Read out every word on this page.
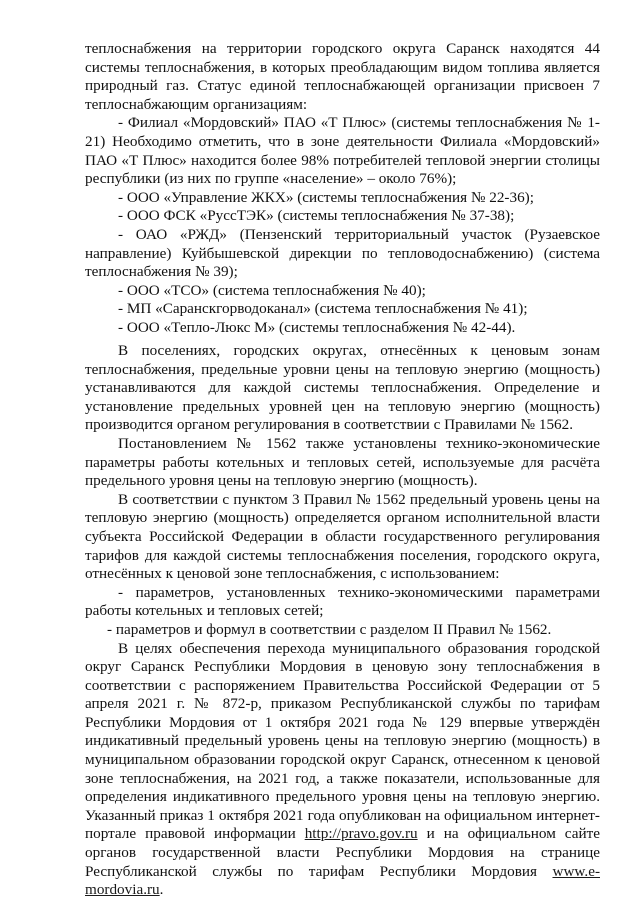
теплоснабжения на территории городского округа Саранск находятся 44 системы теплоснабжения, в которых преобладающим видом топлива является природный газ. Статус единой теплоснабжающей организации присвоен 7 теплоснабжающим организациям:

- Филиал «Мордовский» ПАО «Т Плюс» (системы теплоснабжения № 1-21) Необходимо отметить, что в зоне деятельности Филиала «Мордовский» ПАО «Т Плюс» находится более 98% потребителей тепловой энергии столицы республики (из них по группе «население» – около 76%);

- ООО «Управление ЖКХ» (системы теплоснабжения № 22-36);

- ООО ФСК «РуссТЭК» (системы теплоснабжения № 37-38);

- ОАО «РЖД» (Пензенский территориальный участок (Рузаевское направление) Куйбышевской дирекции по тепловодоснабжению) (система теплоснабжения № 39);

- ООО «ТСО» (система теплоснабжения № 40);

- МП «Саранскгорводоканал» (система теплоснабжения № 41);

- ООО «Тепло-Люкс М» (системы теплоснабжения № 42-44).

В поселениях, городских округах, отнесённых к ценовым зонам теплоснабжения, предельные уровни цены на тепловую энергию (мощность) устанавливаются для каждой системы теплоснабжения. Определение и установление предельных уровней цен на тепловую энергию (мощность) производится органом регулирования в соответствии с Правилами № 1562.

Постановлением № 1562 также установлены технико-экономические параметры работы котельных и тепловых сетей, используемые для расчёта предельного уровня цены на тепловую энергию (мощность).

В соответствии с пунктом 3 Правил № 1562 предельный уровень цены на тепловую энергию (мощность) определяется органом исполнительной власти субъекта Российской Федерации в области государственного регулирования тарифов для каждой системы теплоснабжения поселения, городского округа, отнесённых к ценовой зоне теплоснабжения, с использованием:

- параметров, установленных технико-экономическими параметрами работы котельных и тепловых сетей;

- параметров и формул в соответствии с разделом II Правил № 1562.

В целях обеспечения перехода муниципального образования городской округ Саранск Республики Мордовия в ценовую зону теплоснабжения в соответствии с распоряжением Правительства Российской Федерации от 5 апреля 2021 г. № 872-р, приказом Республиканской службы по тарифам Республики Мордовия от 1 октября 2021 года № 129 впервые утверждён индикативный предельный уровень цены на тепловую энергию (мощность) в муниципальном образовании городской округ Саранск, отнесенном к ценовой зоне теплоснабжения, на 2021 год, а также показатели, использованные для определения индикативного предельного уровня цены на тепловую энергию. Указанный приказ 1 октября 2021 года опубликован на официальном интернет-портале правовой информации http://pravo.gov.ru и на официальном сайте органов государственной власти Республики Мордовия на странице Республиканской службы по тарифам Республики Мордовия www.e-mordovia.ru.
